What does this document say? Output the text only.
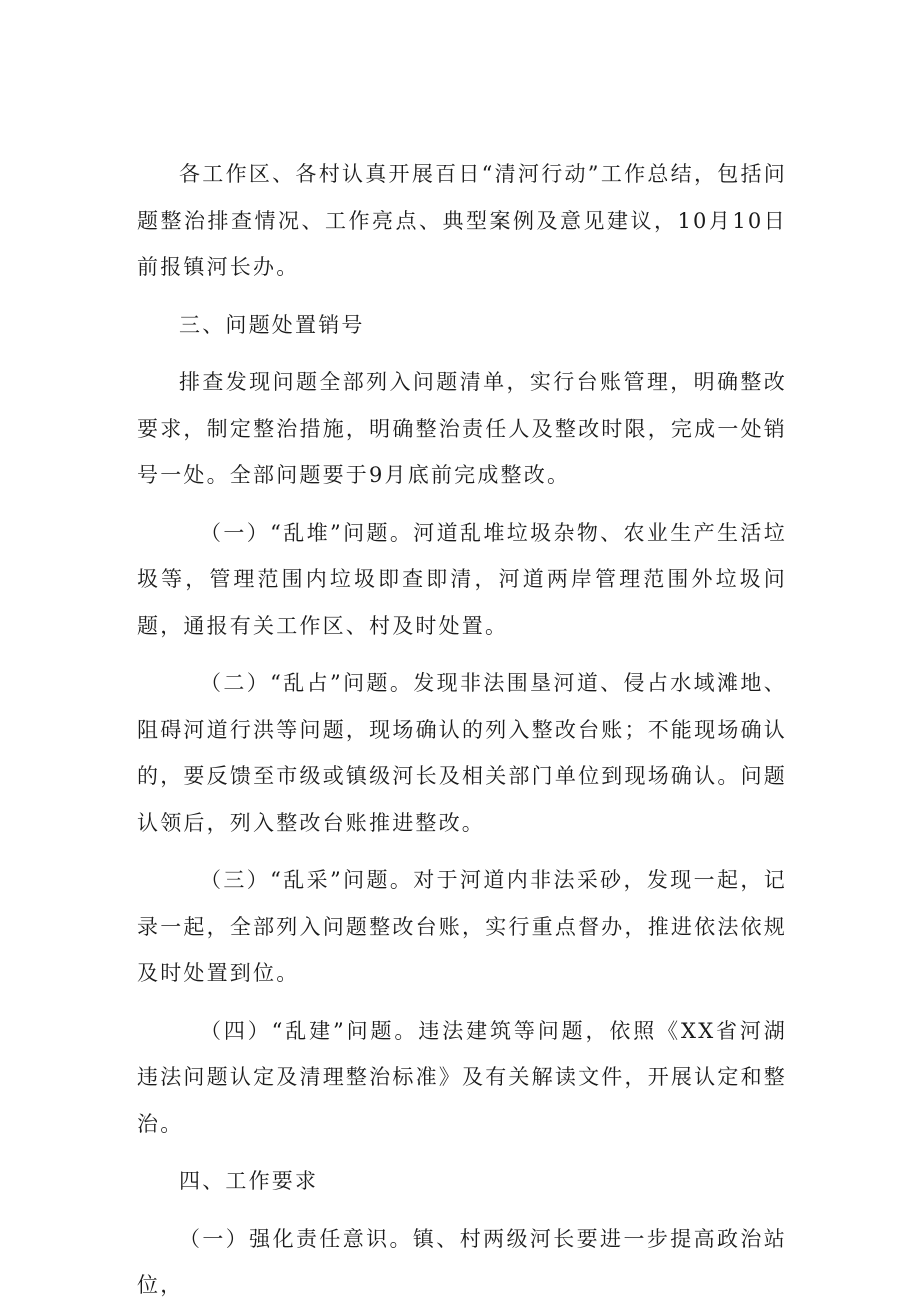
各工作区、各村认真开展百日“清河行动”工作总结，包括问题整治排查情况、工作亮点、典型案例及意见建议，10月10日前报镇河长办。

三、问题处置销号

排查发现问题全部列入问题清单，实行台账管理，明确整改要求，制定整治措施，明确整治责任人及整改时限，完成一处销号一处。全部问题要于9月底前完成整改。

（一）“乱堆”问题。河道乱堆垃圾杂物、农业生产生活垃圾等，管理范围内垃圾即查即清，河道两岸管理范围外垃圾问题，通报有关工作区、村及时处置。

（二）“乱占”问题。发现非法围垦河道、侵占水域滩地、阻碍河道行洪等问题，现场确认的列入整改台账；不能现场确认的，要反馈至市级或镇级河长及相关部门单位到现场确认。问题认领后，列入整改台账推进整改。

（三）“乱采”问题。对于河道内非法采砂，发现一起，记录一起，全部列入问题整改台账，实行重点督办，推进依法依规及时处置到位。

（四）“乱建”问题。违法建筑等问题，依照《XX省河湖违法问题认定及清理整治标准》及有关解读文件，开展认定和整治。

四、工作要求

（一）强化责任意识。镇、村两级河长要进一步提高政治站位，
